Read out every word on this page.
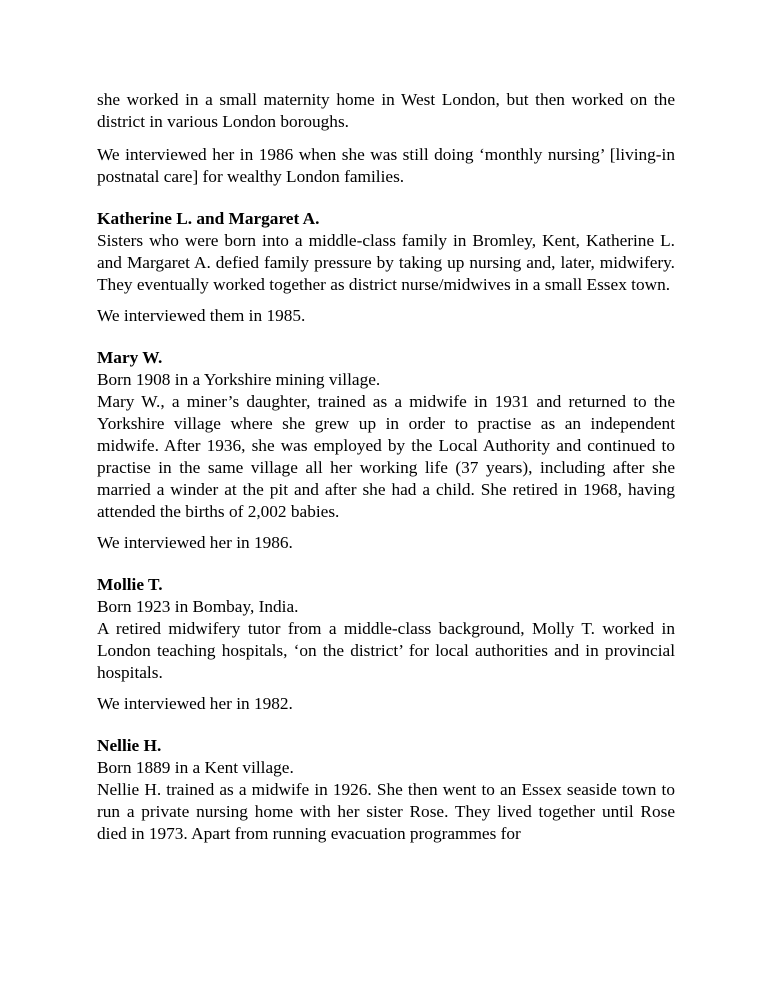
she worked in a small maternity home in West London, but then worked on the district in various London boroughs.

We interviewed her in 1986 when she was still doing ‘monthly nursing’ [living-in postnatal care] for wealthy London families.

Katherine L. and Margaret A.

Sisters who were born into a middle-class family in Bromley, Kent, Katherine L. and Margaret A. defied family pressure by taking up nursing and, later, midwifery. They eventually worked together as district nurse/midwives in a small Essex town.

We interviewed them in 1985.

Mary W.

Born 1908 in a Yorkshire mining village.

Mary W., a miner’s daughter, trained as a midwife in 1931 and returned to the Yorkshire village where she grew up in order to practise as an independent midwife. After 1936, she was employed by the Local Authority and continued to practise in the same village all her working life (37 years), including after she married a winder at the pit and after she had a child. She retired in 1968, having attended the births of 2,002 babies.

We interviewed her in 1986.

Mollie T.

Born 1923 in Bombay, India.

A retired midwifery tutor from a middle-class background, Molly T. worked in London teaching hospitals, ‘on the district’ for local authorities and in provincial hospitals.

We interviewed her in 1982.

Nellie H.

Born 1889 in a Kent village.

Nellie H. trained as a midwife in 1926. She then went to an Essex seaside town to run a private nursing home with her sister Rose. They lived together until Rose died in 1973. Apart from running evacuation programmes for
